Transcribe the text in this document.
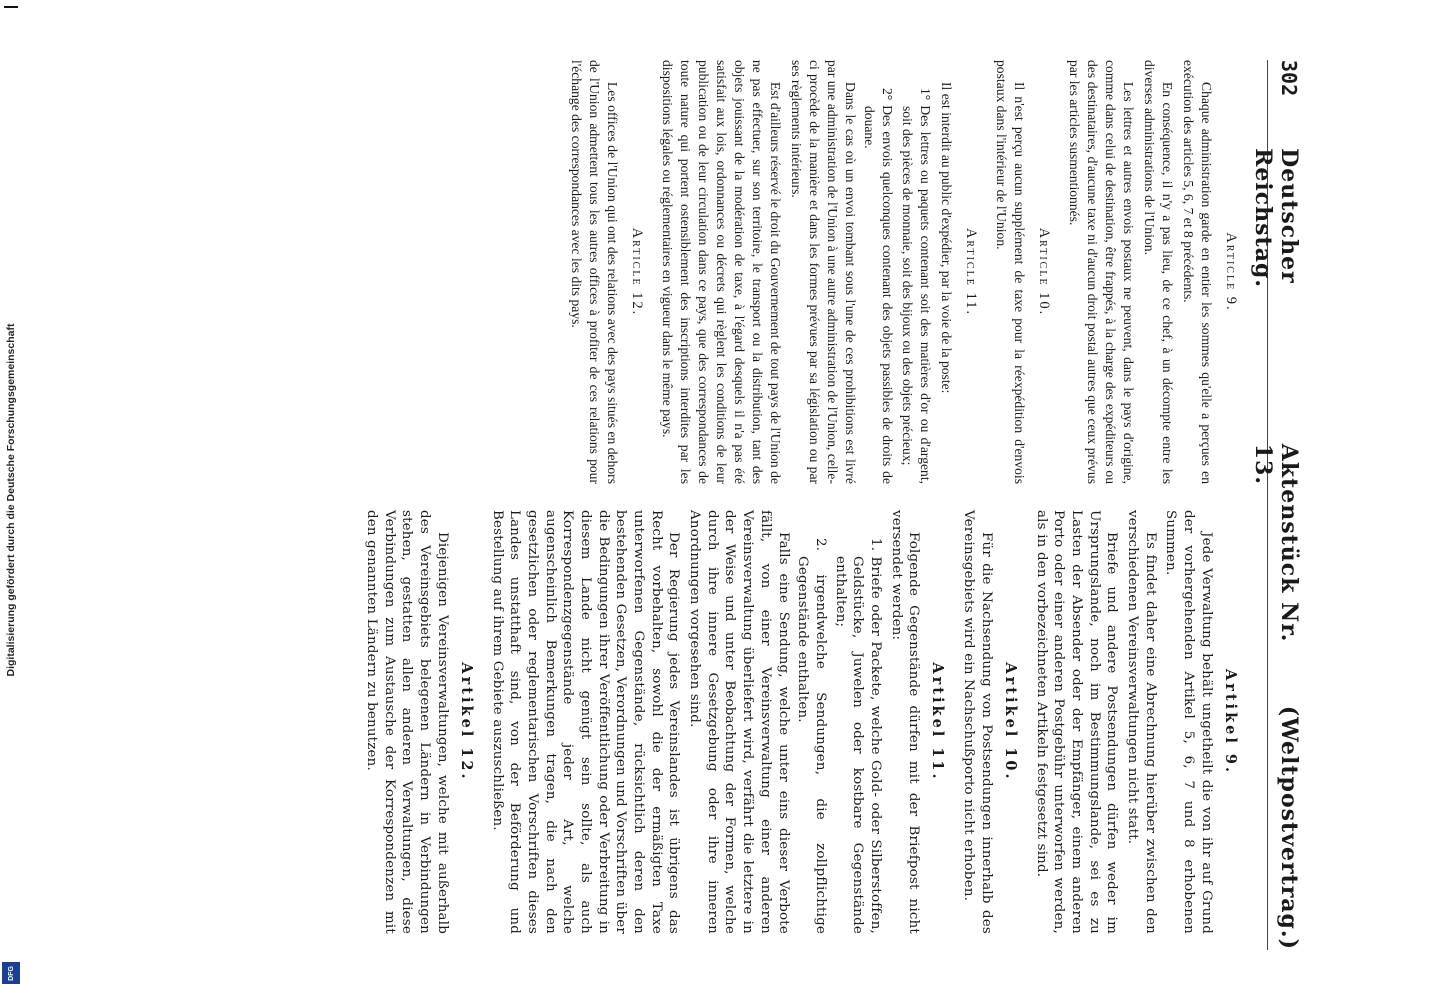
Digitalisierung gefördert durch die Deutsche Forschungsgemeinschaft
DFG
302
Deutscher Reichstag.
Aktenstück Nr. 13.
(Weltpostvertrag.)

Article 9.

Chaque administration garde en entier les sommes qu'elle a perçues en exécution des articles 5, 6, 7 et 8 précédents.

En conséquence, il n'y a pas lieu, de ce chef, à un décompte entre les diverses administrations de l'Union.

Les lettres et autres envois postaux ne peuvent, dans le pays d'origine, comme dans celui de destination, être frappés, à la charge des expéditeurs ou des destinataires, d'aucune taxe ni d'aucun droit postal autres que ceux prévus par les articles susmentionnés.

Article 10.

Il n'est perçu aucun supplément de taxe pour la réexpédition d'envois postaux dans l'intérieur de l'Union.

Article 11.

Il est interdit au public d'expédier, par la voie de la poste:

1° Des lettres ou paquets contenant soit des matières d'or ou d'argent, soit des pièces de monnaie, soit des bijoux ou des objets précieux;

2° Des envois quelconques contenant des objets passibles de droits de douane.

Dans le cas où un envoi tombant sous l'une de ces prohibitions est livré par une administration de l'Union à une autre administration de l'Union, celle-ci procède de la manière et dans les formes prévues par sa législation ou par ses règlements intérieurs.

Est d'ailleurs réservé le droit du Gouvernement de tout pays de l'Union de ne pas effectuer, sur son territoire, le transport ou la distribution, tant des objets jouissant de la modération de taxe, à l'égard desquels il n'a pas été satisfait aux lois, ordonnances ou décrets qui règlent les conditions de leur publication ou de leur circulation dans ce pays, que des correspondances de toute nature qui portent ostensiblement des inscriptions interdites par les dispositions légales ou réglementaires en vigueur dans le même pays.

Article 12.

Les offices de l'Union qui ont des relations avec des pays situés en dehors de l'Union admettent tous les autres offices à profiter de ces relations pour l'échange des correspondances avec les dits pays.

Artikel 9.

Jede Verwaltung behält ungetheilt die von ihr auf Grund der vorhergehenden Artikel 5, 6, 7 und 8 erhobenen Summen.

Es findet daher eine Abrechnung hierüber zwischen den verschiedenen Vereinsverwaltungen nicht statt.

Briefe und andere Postsendungen dürfen weder im Ursprungslande, noch im Bestimmungslande, sei es zu Lasten der Absender oder der Empfänger, einem anderen Porto oder einer anderen Postgebühr unterworfen werden, als in den vorbezeichneten Artikeln festgesetzt sind.

Artikel 10.

Für die Nachsendung von Postsendungen innerhalb des Vereinsgebiets wird ein Nachschußporto nicht erhoben.

Artikel 11.

Folgende Gegenstände dürfen mit der Briefpost nicht versendet werden:

1. Briefe oder Packete, welche Gold- oder Silberstoffen, Geldstücke, Juwelen oder kostbare Gegenstände enthalten;

2. irgendwelche Sendungen, die zollpflichtige Gegenstände enthalten.

Falls eine Sendung, welche unter eins dieser Verbote fällt, von einer Vereinsverwaltung einer anderen Vereinsverwaltung überliefert wird, verfährt die letztere in der Weise und unter Beobachtung der Formen, welche durch ihre innere Gesetzgebung oder ihre inneren Anordnungen vorgesehen sind.

Der Regierung jedes Vereinslandes ist übrigens das Recht vorbehalten, sowohl die der ermäßigten Taxe unterworfenen Gegenstände, rücksichtlich deren den bestehenden Gesetzen, Verordnungen und Vorschriften über die Bedingungen ihrer Veröffentlichung oder Verbreitung in diesem Lande nicht genügt sein sollte, als auch Korrespondenzgegenstände jeder Art, welche augenscheinlich Bemerkungen tragen, die nach den gesetzlichen oder reglementarischen Vorschriften dieses Landes unstatthaft sind, von der Beförderung und Bestellung auf ihrem Gebiete auszuschließen.

Artikel 12.

Diejenigen Vereinsverwaltungen, welche mit außerhalb des Vereinsgebiets belegenen Ländern in Verbindungen stehen, gestatten allen anderen Verwaltungen, diese Verbindungen zum Austausche der Korrespondenzen mit den genannten Ländern zu benutzen.
